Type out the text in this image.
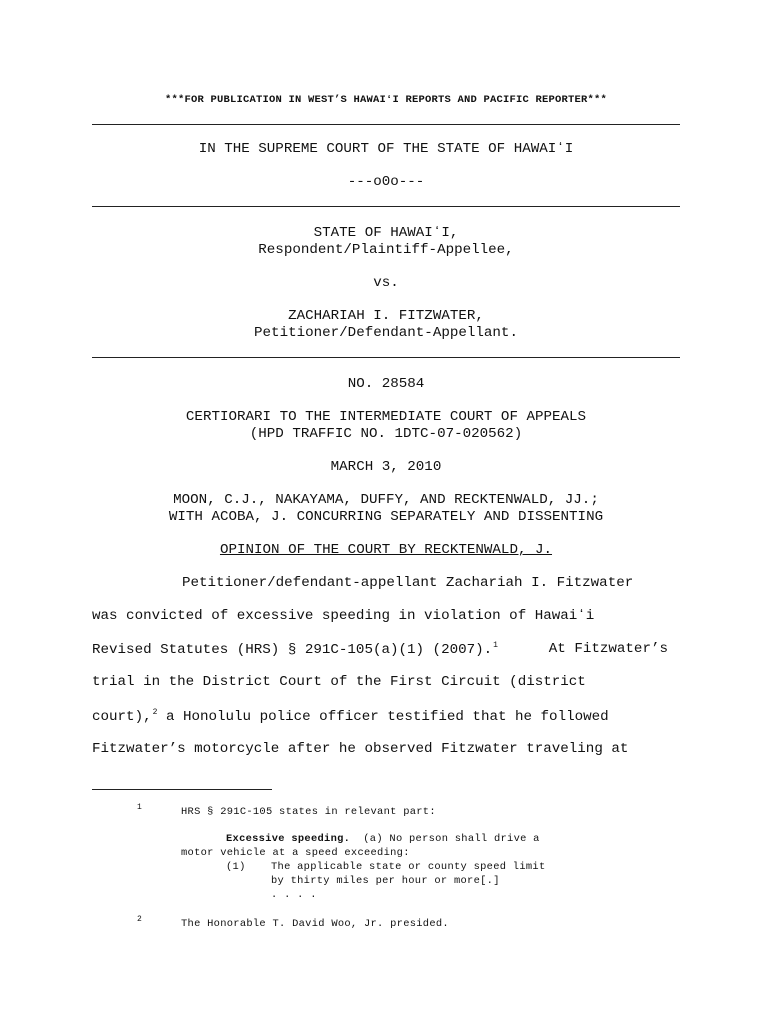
***FOR PUBLICATION IN WEST’S HAWAIʻI REPORTS AND PACIFIC REPORTER***
IN THE SUPREME COURT OF THE STATE OF HAWAIʻI
---o0o---
STATE OF HAWAIʻI,
Respondent/Plaintiff-Appellee,
vs.
ZACHARIAH I. FITZWATER,
Petitioner/Defendant-Appellant.
NO. 28584
CERTIORARI TO THE INTERMEDIATE COURT OF APPEALS
(HPD TRAFFIC NO. 1DTC-07-020562)
MARCH 3, 2010
MOON, C.J., NAKAYAMA, DUFFY, AND RECKTENWALD, JJ.;
WITH ACOBA, J. CONCURRING SEPARATELY AND DISSENTING
OPINION OF THE COURT BY RECKTENWALD, J.
Petitioner/defendant-appellant Zachariah I. Fitzwater
was convicted of excessive speeding in violation of Hawaiʻi
Revised Statutes (HRS) § 291C-105(a)(1) (2007).$^1$	At Fitzwater’s
trial in the District Court of the First Circuit (district
court),$^2$ a Honolulu police officer testified that he followed
Fitzwater’s motorcycle after he observed Fitzwater traveling at
1	HRS § 291C-105 states in relevant part:
Excessive speeding. (a) No person shall drive a
motor vehicle at a speed exceeding:
(1) The applicable state or county speed limit
by thirty miles per hour or more[.]
. . . .
2	The Honorable T. David Woo, Jr. presided.
